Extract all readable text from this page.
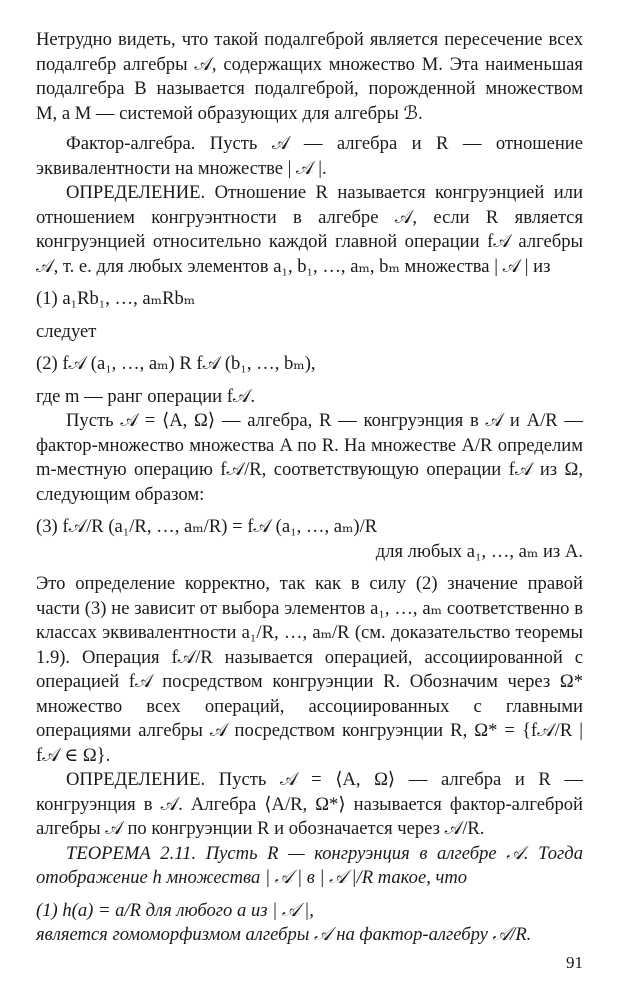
Нетрудно видеть, что такой подалгеброй является пересечение всех подалгебр алгебры 𝒜, содержащих множество M. Эта наименьшая подалгебра B называется подалгеброй, порожденной множеством M, а M — системой образующих для алгебры ℬ.

Фактор-алгебра. Пусть 𝒜 — алгебра и R — отношение эквивалентности на множестве | 𝒜 |.

ОПРЕДЕЛЕНИЕ. Отношение R называется конгруэнцией или отношением конгруэнтности в алгебре 𝒜, если R является конгруэнцией относительно каждой главной операции f𝒜 алгебры 𝒜, т. е. для любых элементов a₁, b₁, …, aₘ, bₘ множества | 𝒜 | из

(1) a₁Rb₁, …, aₘRbₘ

следует

(2) f𝒜 (a₁, …, aₘ) R f𝒜 (b₁, …, bₘ),

где m — ранг операции f𝒜.

Пусть 𝒜 = ⟨A, Ω⟩ — алгебра, R — конгруэнция в 𝒜 и A/R — фактор-множество множества A по R. На множестве A/R определим m-местную операцию f𝒜/R, соответствующую операции f𝒜 из Ω, следующим образом:

(3) f𝒜/R (a₁/R, …, aₘ/R) = f𝒜 (a₁, …, aₘ)/R
для любых a₁, …, aₘ из A.

Это определение корректно, так как в силу (2) значение правой части (3) не зависит от выбора элементов a₁, …, aₘ соответственно в классах эквивалентности a₁/R, …, aₘ/R (см. доказательство теоремы 1.9). Операция f𝒜/R называется операцией, ассоциированной с операцией f𝒜 посредством конгруэнции R. Обозначим через Ω* множество всех операций, ассоциированных с главными операциями алгебры 𝒜 посредством конгруэнции R, Ω* = {f𝒜/R | f𝒜 ∈ Ω}.

ОПРЕДЕЛЕНИЕ. Пусть 𝒜 = ⟨A, Ω⟩ — алгебра и R — конгруэнция в 𝒜. Алгебра ⟨A/R, Ω*⟩ называется фактор-алгеброй алгебры 𝒜 по конгруэнции R и обозначается через 𝒜/R.

ТЕОРЕМА 2.11. Пусть R — конгруэнция в алгебре 𝒜. Тогда отображение h множества | 𝒜 | в | 𝒜 |/R такое, что

(1) h(a) = a/R для любого a из | 𝒜 |,

является гомоморфизмом алгебры 𝒜 на фактор-алгебру 𝒜/R.

91
